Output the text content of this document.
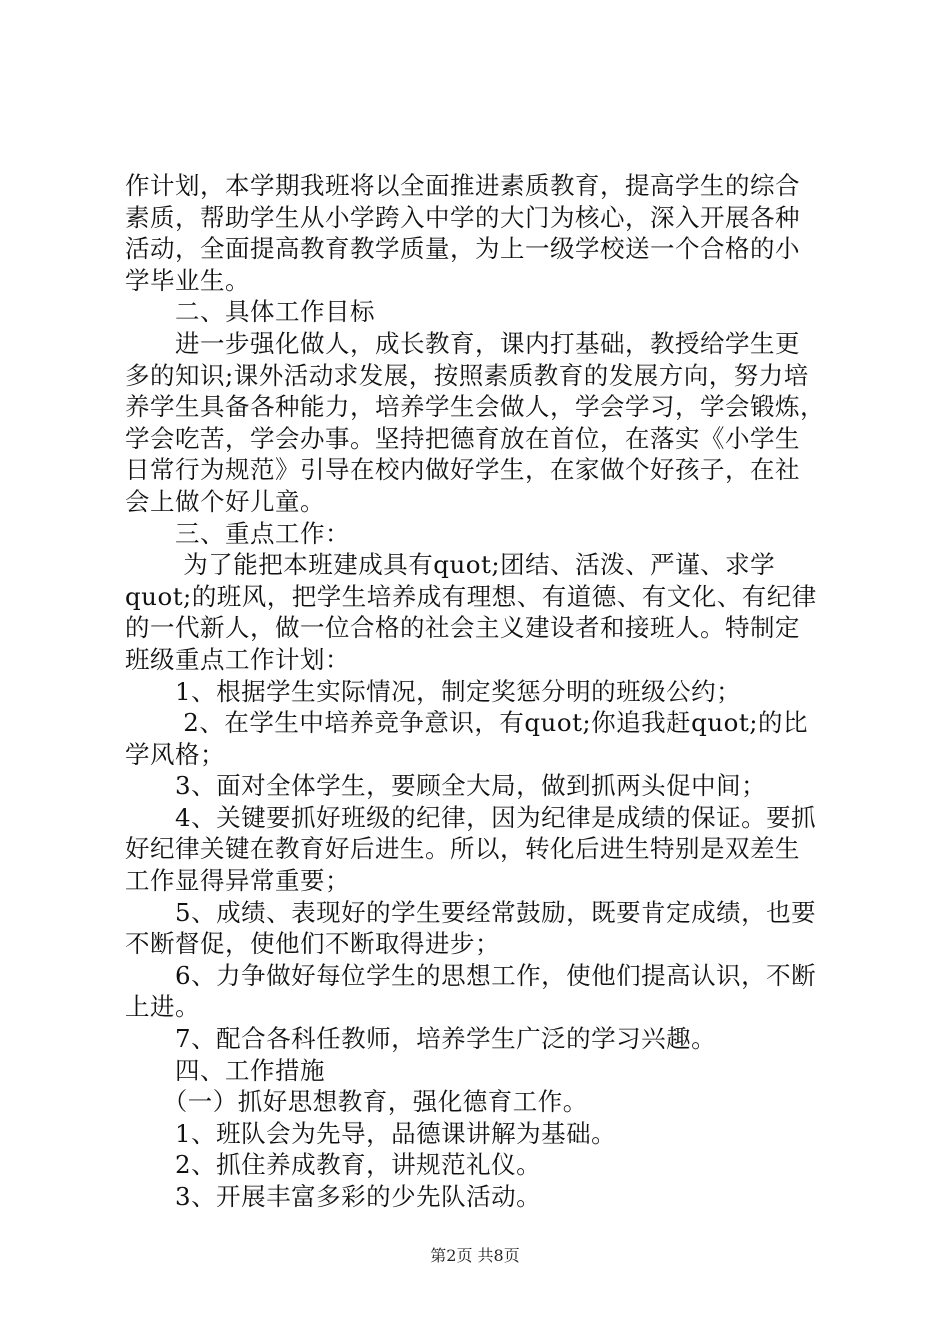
作计划，本学期我班将以全面推进素质教育，提高学生的综合
素质，帮助学生从小学跨入中学的大门为核心，深入开展各种
活动，全面提高教育教学质量，为上一级学校送一个合格的小
学毕业生。
　　二、具体工作目标
　　进一步强化做人，成长教育，课内打基础，教授给学生更
多的知识;课外活动求发展，按照素质教育的发展方向，努力培
养学生具备各种能力，培养学生会做人，学会学习，学会锻炼，
学会吃苦，学会办事。坚持把德育放在首位，在落实《小学生
日常行为规范》引导在校内做好学生，在家做个好孩子，在社
会上做个好儿童。
　　三、重点工作：
　　 为了能把本班建成具有quot;团结、活泼、严谨、求学
quot;的班风，把学生培养成有理想、有道德、有文化、有纪律
的一代新人，做一位合格的社会主义建设者和接班人。特制定
班级重点工作计划：
　　1、根据学生实际情况，制定奖惩分明的班级公约；
　　 2、在学生中培养竞争意识，有quot;你追我赶quot;的比
学风格；
　　3、面对全体学生，要顾全大局，做到抓两头促中间；
　　4、关键要抓好班级的纪律，因为纪律是成绩的保证。要抓
好纪律关键在教育好后进生。所以，转化后进生特别是双差生
工作显得异常重要；
　　5、成绩、表现好的学生要经常鼓励，既要肯定成绩，也要
不断督促，使他们不断取得进步；
　　6、力争做好每位学生的思想工作，使他们提高认识，不断
上进。
　　7、配合各科任教师，培养学生广泛的学习兴趣。
　　四、工作措施
　　（一）抓好思想教育，强化德育工作。
　　1、班队会为先导，品德课讲解为基础。
　　2、抓住养成教育，讲规范礼仪。
　　3、开展丰富多彩的少先队活动。
第2页 共8页
